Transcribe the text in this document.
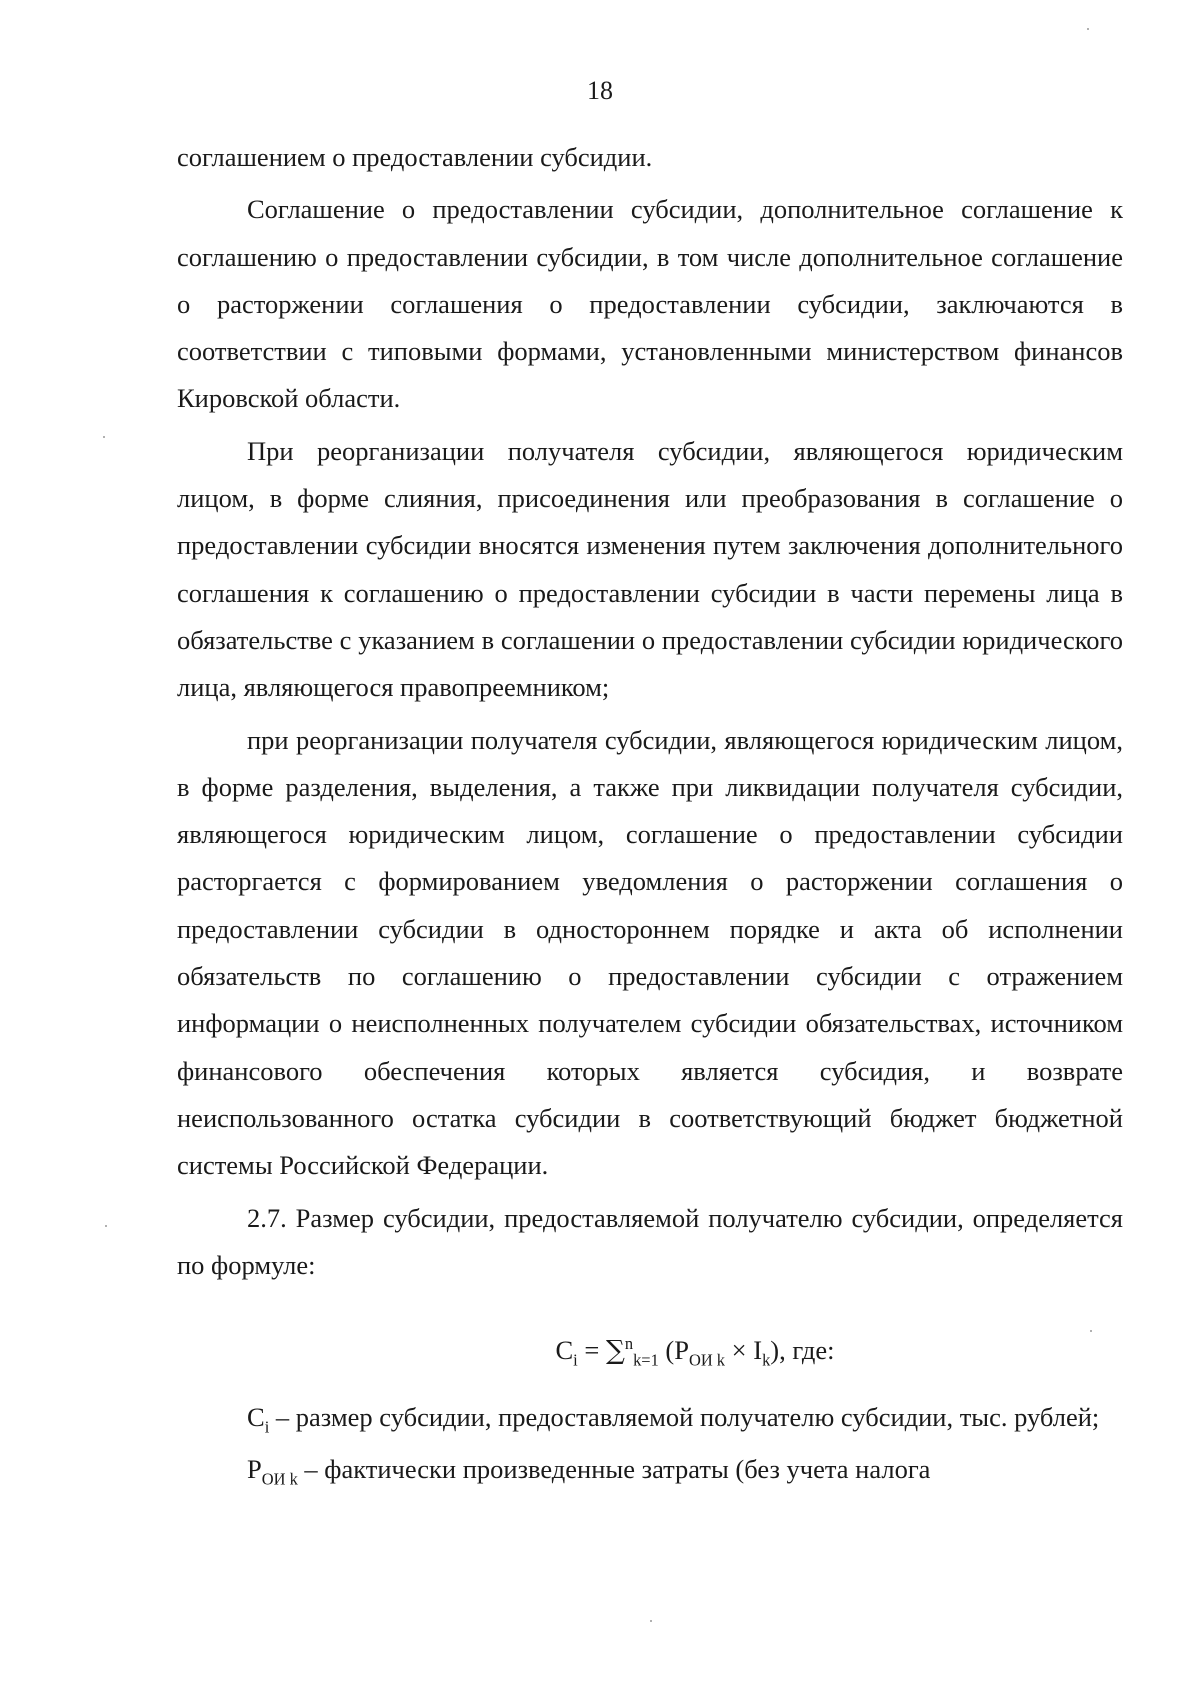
18

соглашением о предоставлении субсидии.

Соглашение о предоставлении субсидии, дополнительное соглашение к соглашению о предоставлении субсидии, в том числе дополнительное соглашение о расторжении соглашения о предоставлении субсидии, заключаются в соответствии с типовыми формами, установленными министерством финансов Кировской области.

При реорганизации получателя субсидии, являющегося юридическим лицом, в форме слияния, присоединения или преобразования в соглашение о предоставлении субсидии вносятся изменения путем заключения дополнительного соглашения к соглашению о предоставлении субсидии в части перемены лица в обязательстве с указанием в соглашении о предоставлении субсидии юридического лица, являющегося правопреемником;

при реорганизации получателя субсидии, являющегося юридическим лицом, в форме разделения, выделения, а также при ликвидации получателя субсидии, являющегося юридическим лицом, соглашение о предоставлении субсидии расторгается с формированием уведомления о расторжении соглашения о предоставлении субсидии в одностороннем порядке и акта об исполнении обязательств по соглашению о предоставлении субсидии с отражением информации о неисполненных получателем субсидии обязательствах, источником финансового обеспечения которых является субсидия, и возврате неиспользованного остатка субсидии в соответствующий бюджет бюджетной системы Российской Федерации.

2.7. Размер субсидии, предоставляемой получателю субсидии, определяется по формуле:

$C_i = \sum^n_{k=1}$ $(P_{ОИ k} \times I_k)$, где:

$C_i$ – размер субсидии, предоставляемой получателю субсидии, тыс. рублей;

$P_{ОИ k}$ – фактически произведенные затраты (без учета налога
